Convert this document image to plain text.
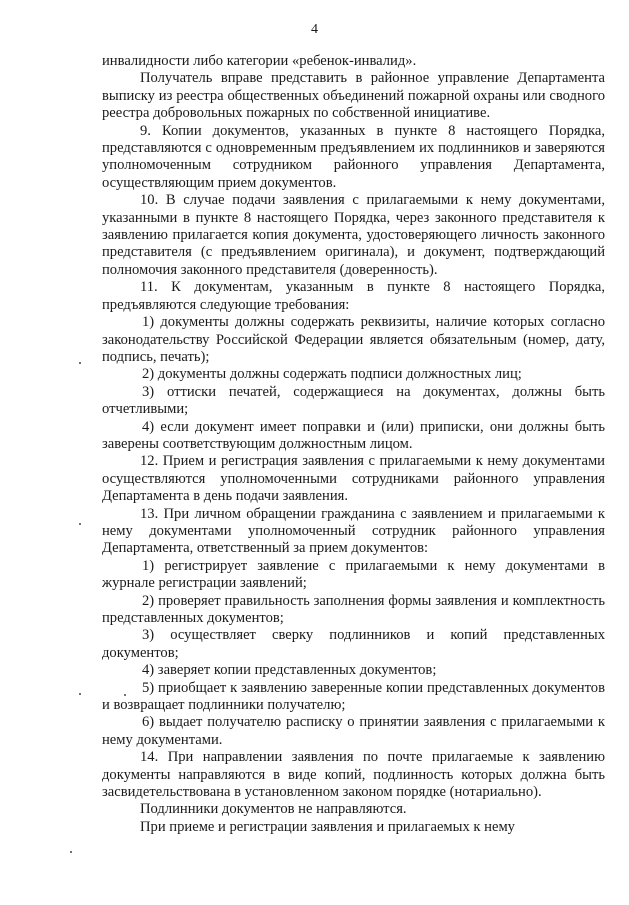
4

инвалидности либо категории «ребенок-инвалид».

Получатель вправе представить в районное управление Департамента выписку из реестра общественных объединений пожарной охраны или сводного реестра добровольных пожарных по собственной инициативе.

9. Копии документов, указанных в пункте 8 настоящего Порядка, представляются с одновременным предъявлением их подлинников и заверяются уполномоченным сотрудником районного управления Департамента, осуществляющим прием документов.

10. В случае подачи заявления с прилагаемыми к нему документами, указанными в пункте 8 настоящего Порядка, через законного представителя к заявлению прилагается копия документа, удостоверяющего личность законного представителя (с предъявлением оригинала), и документ, подтверждающий полномочия законного представителя (доверенность).

11. К документам, указанным в пункте 8 настоящего Порядка, предъявляются следующие требования:

1) документы должны содержать реквизиты, наличие которых согласно законодательству Российской Федерации является обязательным (номер, дату, подпись, печать);

2) документы должны содержать подписи должностных лиц;

3) оттиски печатей, содержащиеся на документах, должны быть отчетливыми;

4) если документ имеет поправки и (или) приписки, они должны быть заверены соответствующим должностным лицом.

12. Прием и регистрация заявления с прилагаемыми к нему документами осуществляются уполномоченными сотрудниками районного управления Департамента в день подачи заявления.

13. При личном обращении гражданина с заявлением и прилагаемыми к нему документами уполномоченный сотрудник районного управления Департамента, ответственный за прием документов:

1) регистрирует заявление с прилагаемыми к нему документами в журнале регистрации заявлений;

2) проверяет правильность заполнения формы заявления и комплектность представленных документов;

3) осуществляет сверку подлинников и копий представленных документов;

4) заверяет копии представленных документов;

5) приобщает к заявлению заверенные копии представленных документов и возвращает подлинники получателю;

6) выдает получателю расписку о принятии заявления с прилагаемыми к нему документами.

14. При направлении заявления по почте прилагаемые к заявлению документы направляются в виде копий, подлинность которых должна быть засвидетельствована в установленном законом порядке (нотариально).

Подлинники документов не направляются.

При приеме и регистрации заявления и прилагаемых к нему
